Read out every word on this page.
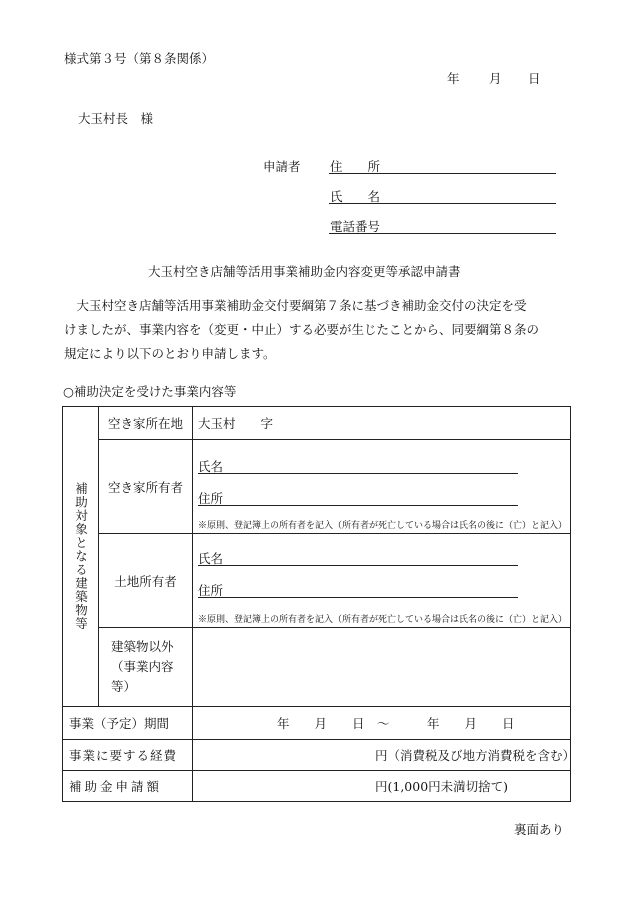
様式第３号（第８条関係）
年 月 日
大玉村長　様
申請者 住　　所
氏　　名
電話番号
大玉村空き店舗等活用事業補助金内容変更等承認申請書
　大玉村空き店舗等活用事業補助金交付要綱第７条に基づき補助金交付の決定を受
けましたが、事業内容を（変更・中止）する必要が生じたことから、同要綱第８条の
規定により以下のとおり申請します。
○補助決定を受けた事業内容等
補助対象となる建築物等	空き家所在地	大玉村　　字
	空き家所有者	氏名
住所
※原則、登記簿上の所有者を記入（所有者が死亡している場合は氏名の後に（亡）と記入）

	土地所有者	氏名
住所
※原則、登記簿上の所有者を記入（所有者が死亡している場合は氏名の後に（亡）と記入）

	建築物以外
（事業内容等）	

事業（予定）期間		年　　月　　日　〜　　　年　　月　　日
事業に要する経費		円（消費税及び地方消費税を含む）
補助金申請額		円(1,000円未満切捨て)
裏面あり
